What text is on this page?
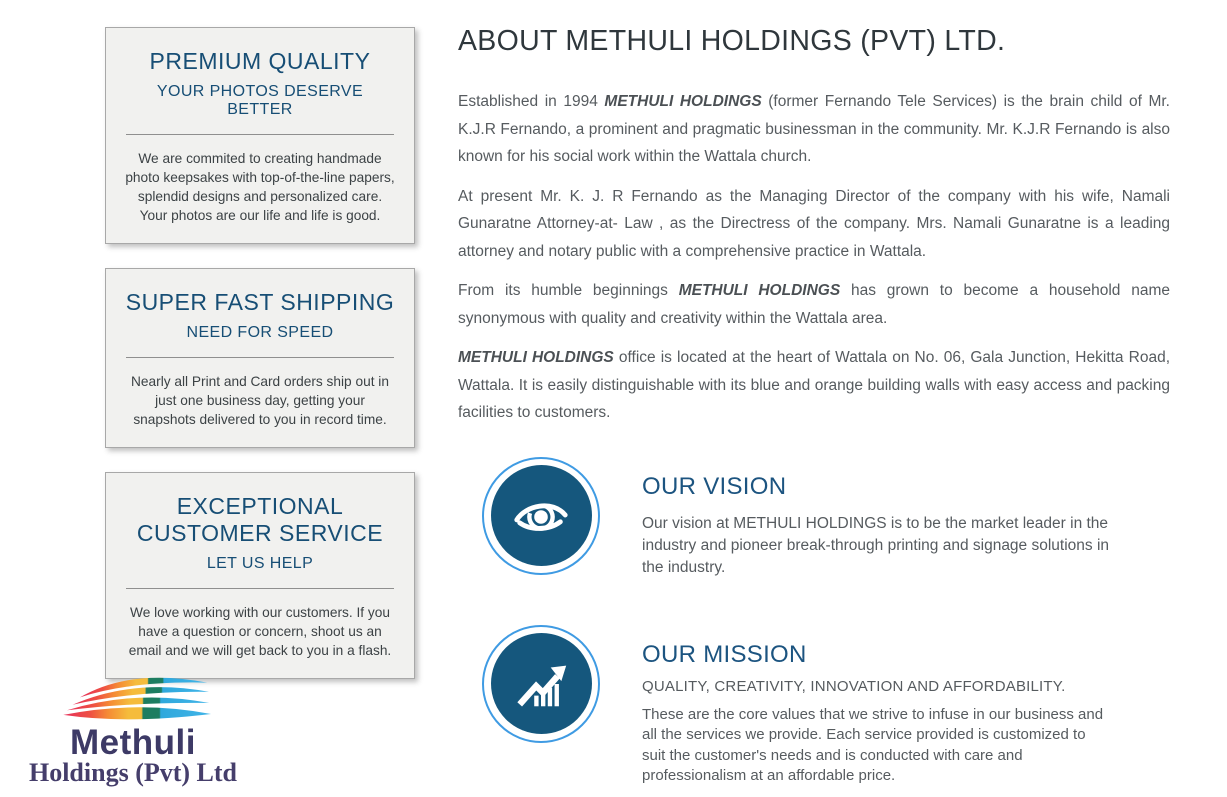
PREMIUM QUALITY
YOUR PHOTOS DESERVE BETTER
We are commited to creating handmade photo keepsakes with top-of-the-line papers, splendid designs and personalized care. Your photos are our life and life is good.
SUPER FAST SHIPPING
NEED FOR SPEED
Nearly all Print and Card orders ship out in just one business day, getting your snapshots delivered to you in record time.
EXCEPTIONAL CUSTOMER SERVICE
LET US HELP
We love working with our customers. If you have a question or concern, shoot us an email and we will get back to you in a flash.
Methuli
Holdings (Pvt) Ltd
ABOUT METHULI HOLDINGS (PVT) LTD.

Established in 1994 METHULI HOLDINGS (former Fernando Tele Services) is the brain child of Mr. K.J.R Fernando, a prominent and pragmatic businessman in the community. Mr. K.J.R Fernando is also known for his social work within the Wattala church.

At present Mr. K. J. R Fernando as the Managing Director of the company with his wife, Namali Gunaratne Attorney-at- Law , as the Directress of the company. Mrs. Namali Gunaratne is a leading attorney and notary public with a comprehensive practice in Wattala.

From its humble beginnings METHULI HOLDINGS has grown to become a household name synonymous with quality and creativity within the Wattala area.

METHULI HOLDINGS office is located at the heart of Wattala on No. 06, Gala Junction, Hekitta Road, Wattala. It is easily distinguishable with its blue and orange building walls with easy access and packing facilities to customers.

OUR VISION
Our vision at METHULI HOLDINGS is to be the market leader in the industry and pioneer break-through printing and signage solutions in the industry.
OUR MISSION
QUALITY, CREATIVITY, INNOVATION AND AFFORDABILITY.
These are the core values that we strive to infuse in our business and all the services we provide. Each service provided is customized to suit the customer's needs and is conducted with care and professionalism at an affordable price.
